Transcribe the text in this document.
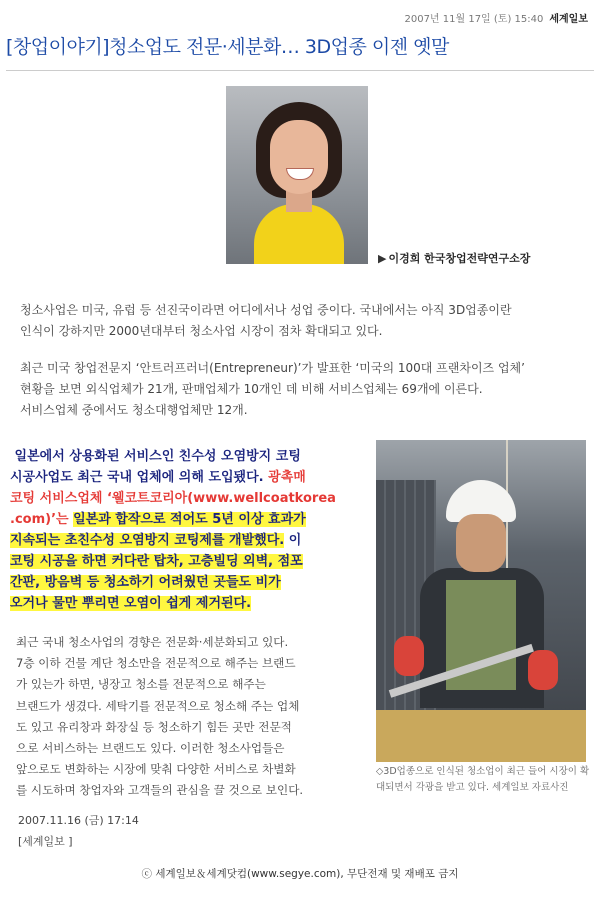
2007년 11월 17일 (토) 15:40 세계일보
[창업이야기]청소업도 전문·세분화… 3D업종 이젠 옛말
▶ 이경희 한국창업전략연구소장

청소사업은 미국, 유럽 등 선진국이라면 어디에서나 성업 중이다. 국내에서는 아직 3D업종이란
인식이 강하지만 2000년대부터 청소사업 시장이 점차 확대되고 있다.

최근 미국 창업전문지 ‘안트러프러너(Entrepreneur)’가 발표한 ‘미국의 100대 프랜차이즈 업체’
현황을 보면 외식업체가 21개, 판매업체가 10개인 데 비해 서비스업체는 69개에 이른다.
서비스업체 중에서도 청소대행업체만 12개.

일본에서 상용화된 서비스인 친수성 오염방지 코팅
시공사업도 최근 국내 업체에 의해 도입됐다. 광촉매
코팅 서비스업체 ‘웰코트코리아(www.wellcoatkorea
.com)’는 일본과 합작으로 적어도 5년 이상 효과가
지속되는 초친수성 오염방지 코팅제를 개발했다. 이
코팅 시공을 하면 커다란 탑차, 고층빌딩 외벽, 점포
간판, 방음벽 등 청소하기 어려웠던 곳들도 비가
오거나 물만 뿌리면 오염이 쉽게 제거된다.

◇3D업종으로 인식된 청소업이 최근 들어 시장이 확대되면서 각광을 받고 있다. 세계일보 자료사진

최근 국내 청소사업의 경향은 전문화·세분화되고 있다.
7층 이하 건물 계단 청소만을 전문적으로 해주는 브랜드
가 있는가 하면, 냉장고 청소를 전문적으로 해주는
브랜드가 생겼다. 세탁기를 전문적으로 청소해 주는 업체
도 있고 유리창과 화장실 등 청소하기 힘든 곳만 전문적
으로 서비스하는 브랜드도 있다. 이러한 청소사업들은
앞으로도 변화하는 시장에 맞춰 다양한 서비스로 차별화
를 시도하며 창업자와 고객들의 관심을 끌 것으로 보인다.

2007.11.16 (금) 17:14
[세계일보 ]

ⓒ 세계일보＆세계닷컴(www.segye.com), 무단전재 및 재배포 금지
